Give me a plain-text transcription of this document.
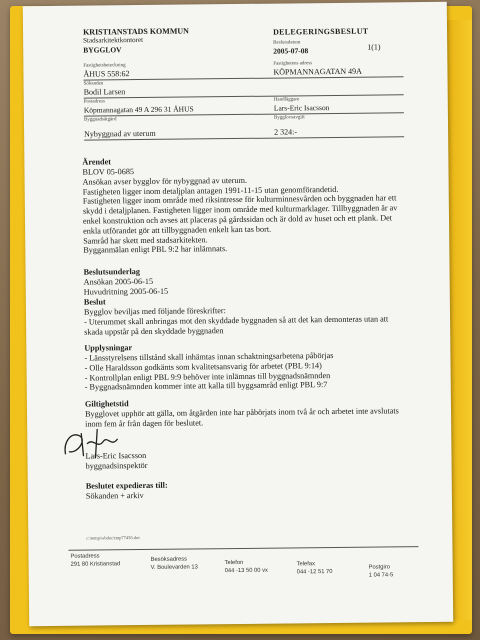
KRISTIANSTADS KOMMUN
Stadsarkitektkontoret
BYGGLOV
DELEGERINGSBESLUT
Beslutsdatum
2005-07-08	1(1)
Fastighetsbeteckning
ÅHUS 558:62
Fastighetens adress
KÖPMANNAGATAN 49A
Sökanden
Bodil Larsen
Postadress
Köpmannagatan 49 A 296 31 ÅHUS
Handläggare
Lars-Eric Isacsson
Byggnadsåtgärd	Bygglovsavgift
Nybyggnad av uterum	2 324:-
Ärendet
BLOV 05-0685
Ansökan avser bygglov för nybyggnad av uterum.
Fastigheten ligger inom detaljplan antagen 1991-11-15 utan genomförandetid.
Fastigheten ligger inom område med riksintresse för kulturminnesvården och byggnaden har ett
skydd i detaljplanen. Fastigheten ligger inom område med kulturmarklager. Tillbyggnaden är av
enkel konstruktion och avses att placeras på gårdssidan och är dold av huset och ett plank. Det
enkla utförandet gör att tillbyggnaden enkelt kan tas bort.
Samråd har skett med stadsarkitekten.
Bygganmälan enligt PBL 9:2 har inlämnats.
Beslutsunderlag
Ansökan 2005-06-15
Huvudritning 2005-06-15
Beslut
Bygglov beviljas med följande föreskrifter:
- Uterummet skall anbringas mot den skyddade byggnaden så att det kan demonteras utan att
skada uppstår på den skyddade byggnaden
Upplysningar
- Länsstyrelsens tillstånd skall inhämtas innan schaktningsarbetena påbörjas
- Olle Haraldsson godkänts som kvalitetsansvarig för arbetet (PBL 9:14)
- Kontrollplan enligt PBL 9:9 behöver inte inlämnas till byggnadsnämnden
- Byggnadsnämnden kommer inte att kalla till byggsamråd enligt PBL 9:7
Giltighetstid
Bygglovet upphör att gälla, om åtgärden inte har påbörjats inom två år och arbetet inte avslutats
inom fem år från dagen för beslutet.
Lars-Eric Isacsson
byggnadsinspektör
Beslutet expedieras till:
Sökanden + arkiv
c:\temp\wbdoc\tmp77458.doc
Postadress
291 80 Kristianstad
Besöksadress
V. Boulevarden 13
Telefon
044 -13 50 00 vx
Telefax
044 -12 51 70
Postgiro
1 04 74-5
